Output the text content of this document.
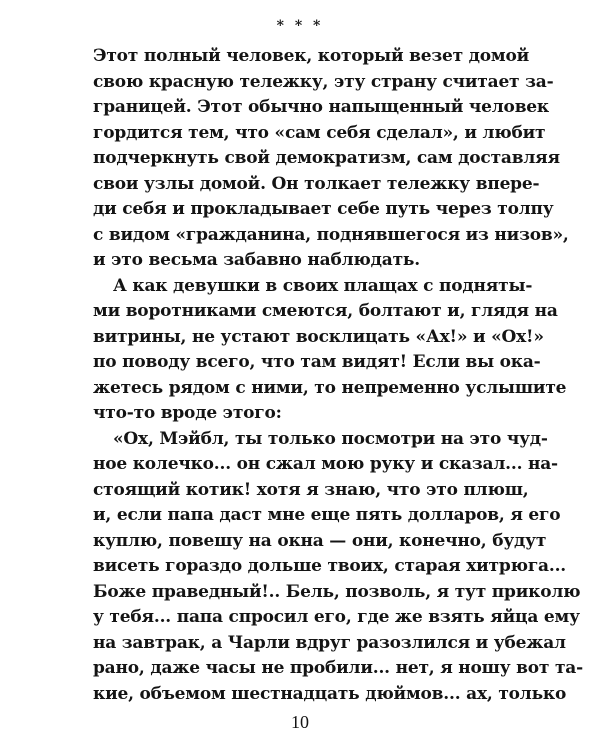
* * *
Этот полный человек, который везет домой
свою красную тележку, эту страну считает за-
границей. Этот обычно напыщенный человек
гордится тем, что «сам себя сделал», и любит
подчеркнуть свой демократизм, сам доставляя
свои узлы домой. Он толкает тележку впере-
ди себя и прокладывает себе путь через толпу
с видом «гражданина, поднявшегося из низов»,
и это весьма забавно наблюдать.
А как девушки в своих плащах с подняты-
ми воротниками смеются, болтают и, глядя на
витрины, не устают восклицать «Ах!» и «Ох!»
по поводу всего, что там видят! Если вы ока-
жетесь рядом с ними, то непременно услышите
что-то вроде этого:
«Ох, Мэйбл, ты только посмотри на это чуд-
ное колечко... он сжал мою руку и сказал... на-
стоящий котик! хотя я знаю, что это плюш,
и, если папа даст мне еще пять долларов, я его
куплю, повешу на окна — они, конечно, будут
висеть гораздо дольше твоих, старая хитрюга...
Боже праведный!.. Бель, позволь, я тут приколю
у тебя... папа спросил его, где же взять яйца ему
на завтрак, а Чарли вдруг разозлился и убежал
рано, даже часы не пробили... нет, я ношу вот та-
кие, объемом шестнадцать дюймов... ах, только
10
